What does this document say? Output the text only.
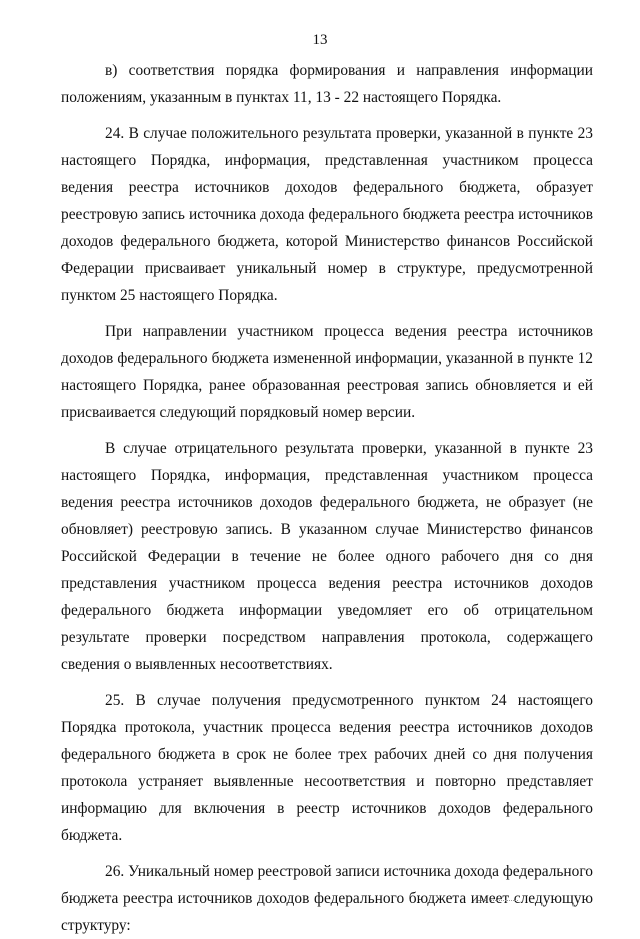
13

в) соответствия порядка формирования и направления информации положениям, указанным в пунктах 11, 13 - 22 настоящего Порядка.

24. В случае положительного результата проверки, указанной в пункте 23 настоящего Порядка, информация, представленная участником процесса ведения реестра источников доходов федерального бюджета, образует реестровую запись источника дохода федерального бюджета реестра источников доходов федерального бюджета, которой Министерство финансов Российской Федерации присваивает уникальный номер в структуре, предусмотренной пунктом 25 настоящего Порядка.

При направлении участником процесса ведения реестра источников доходов федерального бюджета измененной информации, указанной в пункте 12 настоящего Порядка, ранее образованная реестровая запись обновляется и ей присваивается следующий порядковый номер версии.

В случае отрицательного результата проверки, указанной в пункте 23 настоящего Порядка, информация, представленная участником процесса ведения реестра источников доходов федерального бюджета, не образует (не обновляет) реестровую запись. В указанном случае Министерство финансов Российской Федерации в течение не более одного рабочего дня со дня представления участником процесса ведения реестра источников доходов федерального бюджета информации уведомляет его об отрицательном результате проверки посредством направления протокола, содержащего сведения о выявленных несоответствиях.

25. В случае получения предусмотренного пунктом 24 настоящего Порядка протокола, участник процесса ведения реестра источников доходов федерального бюджета в срок не более трех рабочих дней со дня получения протокола устраняет выявленные несоответствия и повторно представляет информацию для включения в реестр источников доходов федерального бюджета.

26. Уникальный номер реестровой записи источника дохода федерального бюджета реестра источников доходов федерального бюджета имеет следующую структуру:
